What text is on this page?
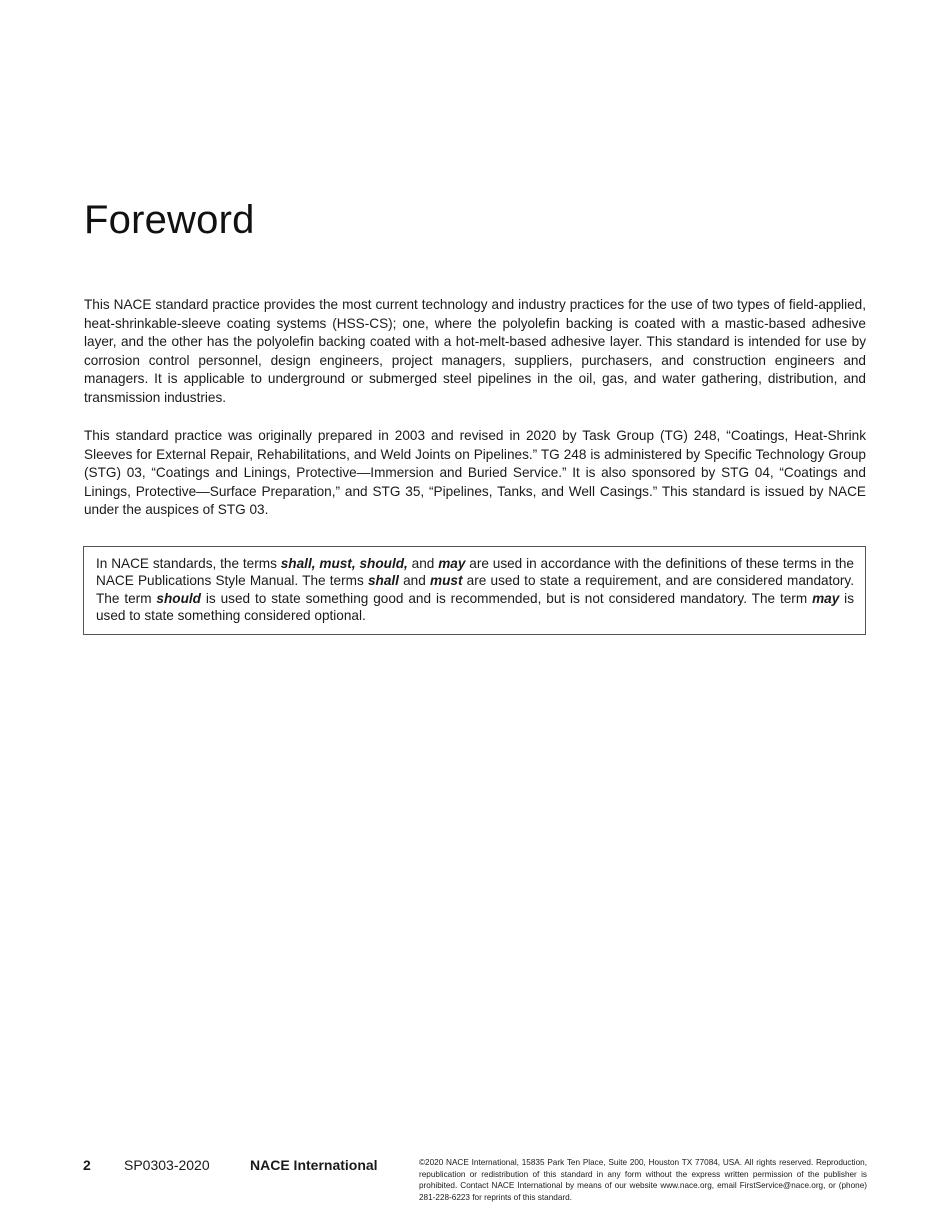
Foreword

This NACE standard practice provides the most current technology and industry practices for the use of two types of field-applied, heat-shrinkable-sleeve coating systems (HSS-CS); one, where the polyolefin backing is coated with a mastic-based adhesive layer, and the other has the polyolefin backing coated with a hot-melt-based adhesive layer. This standard is intended for use by corrosion control personnel, design engineers, project managers, suppliers, purchasers, and construction engineers and managers. It is applicable to underground or submerged steel pipelines in the oil, gas, and water gathering, distribution, and transmission industries.

This standard practice was originally prepared in 2003 and revised in 2020 by Task Group (TG) 248, “Coatings, Heat-Shrink Sleeves for External Repair, Rehabilitations, and Weld Joints on Pipelines.” TG 248 is administered by Specific Technology Group (STG) 03, “Coatings and Linings, Protective—Immersion and Buried Service.” It is also sponsored by STG 04, “Coatings and Linings, Protective—Surface Preparation,” and STG 35, “Pipelines, Tanks, and Well Casings.” This standard is issued by NACE under the auspices of STG 03.

In NACE standards, the terms shall, must, should, and may are used in accordance with the definitions of these terms in the NACE Publications Style Manual. The terms shall and must are used to state a requirement, and are considered mandatory. The term should is used to state something good and is recommended, but is not considered mandatory. The term may is used to state something considered optional.
2 SP0303-2020	NACE International	©2020 NACE International, 15835 Park Ten Place, Suite 200, Houston TX 77084, USA. All rights reserved. Reproduction, republication or redistribution of this standard in any form without the express written permission of the publisher is prohibited. Contact NACE International by means of our website www.nace.org, email FirstService@nace.org, or (phone) 281-228-6223 for reprints of this standard.
